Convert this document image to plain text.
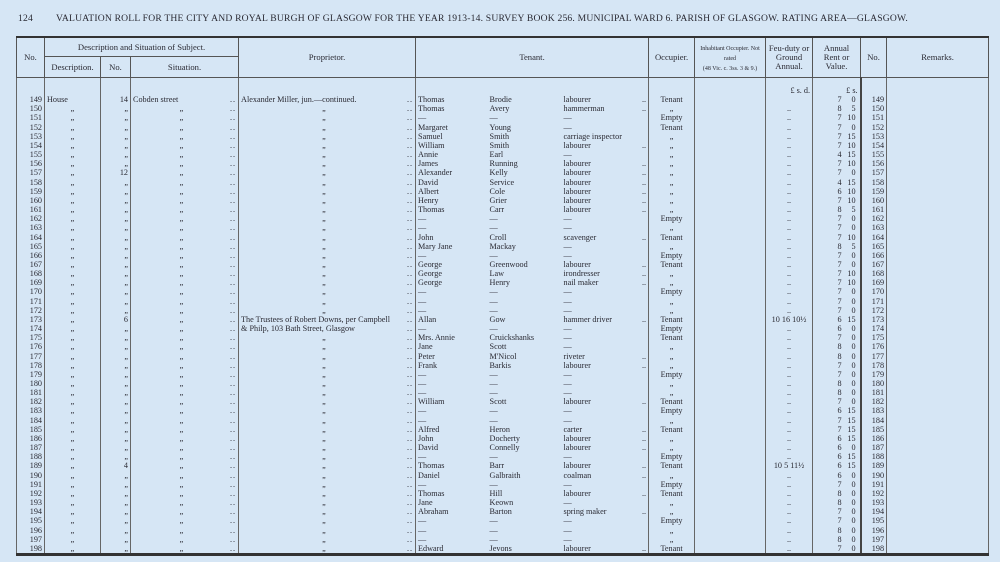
124 VALUATION ROLL FOR THE CITY AND ROYAL BURGH OF GLASGOW FOR THE YEAR 1913-14. SURVEY BOOK 256. MUNICIPAL WARD 6. PARISH OF GLASGOW. RATING AREA—GLASGOW.
No.	Description and Situation of Subject.			Proprietor.	Tenant.			Occupier.	Inhabitant Occupier. Not rated
(48 Vic. c. 3ss. 3 & 9.)	Feu-duty or Ground Annual.	Annual Rent or Value.		No.	Remarks.
	Description.	No.	Situation.											
										£ s. d.	£ s.			
149	House	14	Cobden street ..	Alexander Miller, jun.—continued. ..	Thomas	Brodie	labourer ..	Tenant			7	0	149	
150	„	„	„ ..	„ ..	Thomas	Avery	hammerman ..	„		..	8	5	150	
151	„	„	„ ..	„ ..	—	—	—	Empty		..	7	10	151	
152	„	„	„ ..	„ ..	Margaret	Young	—	Tenant		..	7	0	152	
153	„	„	„ ..	„ ..	Samuel	Smith	carriage inspector	„		..	7	15	153	
154	„	„	„ ..	„ ..	William	Smith	labourer ..	„		..	7	10	154	
155	„	„	„ ..	„ ..	Annie	Earl	—	„		..	4	15	155	
156	„	„	„ ..	„ ..	James	Running	labourer ..	„		..	7	10	156	
157	„	12	„ ..	„ ..	Alexander	Kelly	labourer ..	„		..	7	0	157	
158	„	„	„ ..	„ ..	David	Service	labourer ..	„		..	4	15	158	
159	„	„	„ ..	„ ..	Albert	Cole	labourer ..	„		..	6	10	159	
160	„	„	„ ..	„ ..	Henry	Grier	labourer ..	„		..	7	10	160	
161	„	„	„ ..	„ ..	Thomas	Carr	labourer ..	„		..	8	5	161	
162	„	„	„ ..	„ ..	—	—	—	Empty		..	7	0	162	
163	„	„	„ ..	„ ..	—	—	—	„		..	7	0	163	
164	„	„	„ ..	„ ..	John	Croll	scavenger ..	Tenant		..	7	10	164	
165	„	„	„ ..	„ ..	Mary Jane	Mackay	—	„		..	8	5	165	
166	„	„	„ ..	„ ..	—	—	—	Empty		..	7	0	166	
167	„	„	„ ..	„ ..	George	Greenwood	labourer ..	Tenant		..	7	0	167	
168	„	„	„ ..	„ ..	George	Law	irondresser ..	„		..	7	10	168	
169	„	„	„ ..	„ ..	George	Henry	nail maker ..	„		..	7	10	169	
170	„	„	„ ..	„ ..	—	—	—	Empty		..	7	0	170	
171	„	„	„ ..	„ ..	—	—	—	„		..	7	0	171	
172	„	„	„ ..	„ ..	—	—	—	„		..	7	0	172	
173	„	6	„ ..	The Trustees of Robert Downs, per Campbell ..	Allan	Gow	hammer driver ..	Tenant		10 16 10½	6	15	173	
174	„	„	„ ..	& Philp, 103 Bath Street, Glasgow ..	—	—	—	Empty		..	6	0	174	
175	„	„	„ ..	„ ..	Mrs. Annie	Cruickshanks	—	Tenant		..	7	0	175	
176	„	„	„ ..	„ ..	Jane	Scott	—	„		..	8	0	176	
177	„	„	„ ..	„ ..	Peter	M'Nicol	riveter ..	„		..	8	0	177	
178	„	„	„ ..	„ ..	Frank	Barkis	labourer ..	„		..	7	0	178	
179	„	„	„ ..	„ ..	—	—	—	Empty		..	7	0	179	
180	„	„	„ ..	„ ..	—	—	—	„		..	8	0	180	
181	„	„	„ ..	„ ..	—	—	—	„		..	8	0	181	
182	„	„	„ ..	„ ..	William	Scott	labourer ..	Tenant		..	7	0	182	
183	„	„	„ ..	„ ..	—	—	—	Empty		..	6	15	183	
184	„	„	„ ..	„ ..	—	—	—	„		..	7	15	184	
185	„	„	„ ..	„ ..	Alfred	Heron	carter ..	Tenant		..	7	15	185	
186	„	„	„ ..	„ ..	John	Docherty	labourer ..	„		..	6	15	186	
187	„	„	„ ..	„ ..	David	Connelly	labourer ..	„		..	6	0	187	
188	„	„	„ ..	„ ..	—	—	—	Empty		..	6	15	188	
189	„	4	„ ..	„ ..	Thomas	Barr	labourer ..	Tenant		10 5 11½	6	15	189	
190	„	„	„ ..	„ ..	Daniel	Galbraith	coalman ..	„		..	6	0	190	
191	„	„	„ ..	„ ..	—	—	—	Empty		..	7	0	191	
192	„	„	„ ..	„ ..	Thomas	Hill	labourer ..	Tenant		..	8	0	192	
193	„	„	„ ..	„ ..	Jane	Keown	—	„		..	8	0	193	
194	„	„	„ ..	„ ..	Abraham	Barton	spring maker ..	„		..	7	0	194	
195	„	„	„ ..	„ ..	—	—	—	Empty		..	7	0	195	
196	„	„	„ ..	„ ..	—	—	—	„		..	8	0	196	
197	„	„	„ ..	„ ..	—	—	—	„		..	8	0	197	
198	„	„	„ ..	„ ..	Edward	Jevons	labourer ..	Tenant		..	7	0	198	
